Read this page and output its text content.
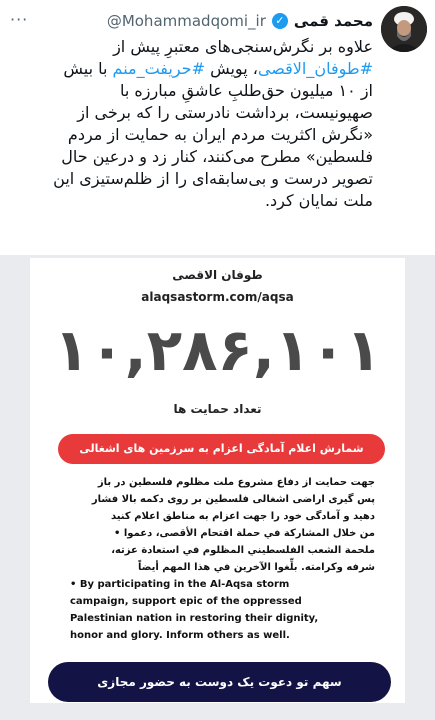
محمد قمی
✓
@Mohammadqomi_ir
···
علاوه بر نگرش‌سنجی‌های معتبرِ پیش از
#طوفان_الاقصی، پویش #حریفت_منم با بیش
از ۱۰ میلیون حق‌طلبِ عاشقِ مبارزه با
صهیونیست، برداشت نادرستی را که برخی از
«نگرش اکثریت مردم ایران به حمایت از مردم
فلسطین» مطرح می‌کنند، کنار زد و درعین حال
تصویر درست و بی‌سابقه‌ای را از ظلم‌ستیزی این
ملت نمایان کرد.
طوفان الاقصی
alaqsastorm.com/aqsa
۱۰,۲۸۶,۱۰۱
تعداد حمایت ها
شمارش اعلام آمادگی اعزام به سرزمین های اشغالی
جهت حمایت از دفاع مشروع ملت مظلوم فلسطین در باز
پس گیری اراضی اشغالی فلسطین بر روی دکمه بالا فشار
دهید و آمادگی خود را جهت اعزام به مناطق اعلام کنید
من خلال المشاركة في حملة اقتحام الأقصى، دعموا •
ملحمة الشعب الفلسطيني المظلوم في استعادة عزته،
شرفه وكرامته. بلِّغوا الآخرين في هذا المهم أيضاً
• By participating in the Al-Aqsa storm
campaign, support epic of the oppressed
Palestinian nation in restoring their dignity,
honor and glory. Inform others as well.
سهم تو دعوت یک دوست به حضور مجازی
